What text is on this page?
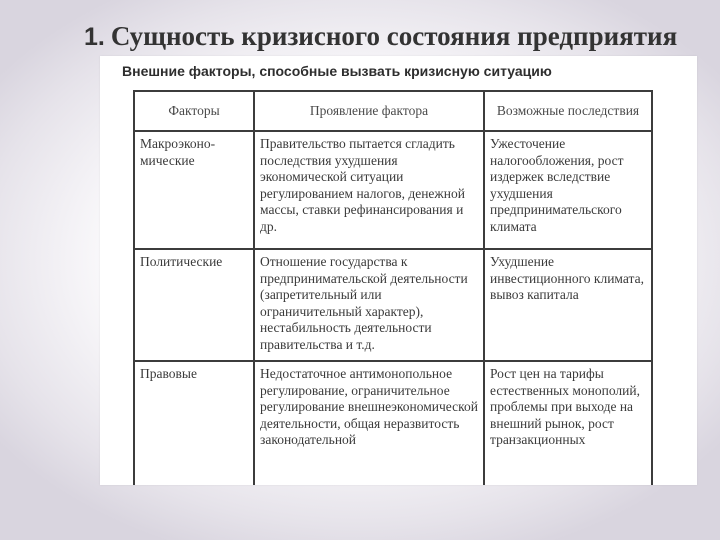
1. Сущность кризисного состояния предприятия
Внешние факторы, способные вызвать кризисную ситуацию
Факторы	Проявление фактора	Возможные последствия
Макроэконо-мические	Правительство пытается сгладить последствия ухудшения экономической ситуации регулированием налогов, денежной массы, ставки рефинансирования и др.	Ужесточение налогообложения, рост издержек вследствие ухудшения предпринимательского климата
Политические	Отношение государства к предпринимательской деятельности (запретительный или ограничительный характер), нестабильность деятельности правительства и т.д.	Ухудшение инвестиционного климата, вывоз капитала
Правовые	Недостаточное антимонопольное регулирование, ограничительное регулирование внешнеэкономической деятельности, общая неразвитость законодательной	Рост цен на тарифы естественных монополий, проблемы при выходе на внешний рынок, рост транзакционных
